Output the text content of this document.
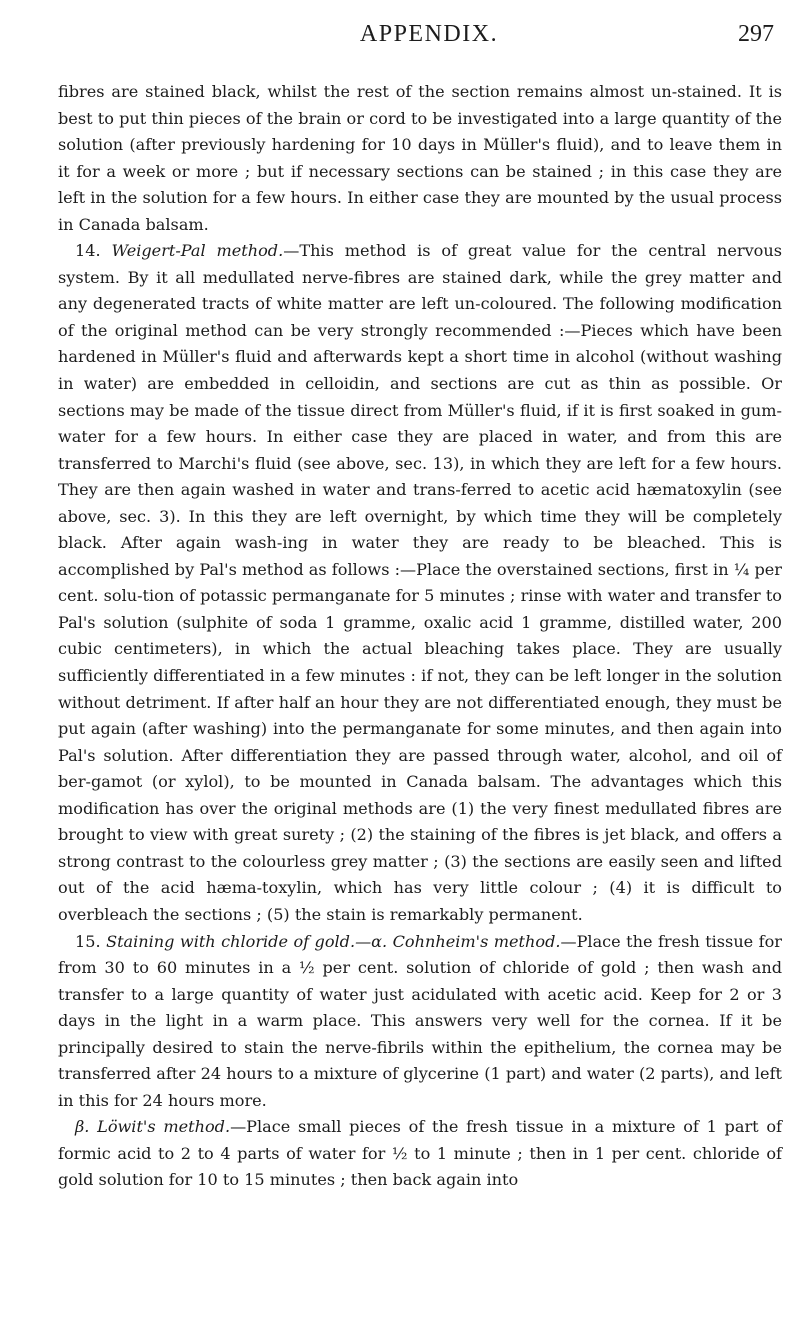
APPENDIX.	297

fibres are stained black, whilst the rest of the section remains almost un-stained. It is best to put thin pieces of the brain or cord to be investigated into a large quantity of the solution (after previously hardening for 10 days in Müller's fluid), and to leave them in it for a week or more ; but if necessary sections can be stained ; in this case they are left in the solution for a few hours. In either case they are mounted by the usual process in Canada balsam.

14. Weigert-Pal method.—This method is of great value for the central nervous system. By it all medullated nerve-fibres are stained dark, while the grey matter and any degenerated tracts of white matter are left un-coloured. The following modification of the original method can be very strongly recommended :—Pieces which have been hardened in Müller's fluid and afterwards kept a short time in alcohol (without washing in water) are embedded in celloidin, and sections are cut as thin as possible. Or sections may be made of the tissue direct from Müller's fluid, if it is first soaked in gum-water for a few hours. In either case they are placed in water, and from this are transferred to Marchi's fluid (see above, sec. 13), in which they are left for a few hours. They are then again washed in water and trans-ferred to acetic acid hæmatoxylin (see above, sec. 3). In this they are left overnight, by which time they will be completely black. After again wash-ing in water they are ready to be bleached. This is accomplished by Pal's method as follows :—Place the overstained sections, first in ¼ per cent. solu-tion of potassic permanganate for 5 minutes ; rinse with water and transfer to Pal's solution (sulphite of soda 1 gramme, oxalic acid 1 gramme, distilled water, 200 cubic centimeters), in which the actual bleaching takes place. They are usually sufficiently differentiated in a few minutes : if not, they can be left longer in the solution without detriment. If after half an hour they are not differentiated enough, they must be put again (after washing) into the permanganate for some minutes, and then again into Pal's solution. After differentiation they are passed through water, alcohol, and oil of ber-gamot (or xylol), to be mounted in Canada balsam. The advantages which this modification has over the original methods are (1) the very finest medullated fibres are brought to view with great surety ; (2) the staining of the fibres is jet black, and offers a strong contrast to the colourless grey matter ; (3) the sections are easily seen and lifted out of the acid hæma-toxylin, which has very little colour ; (4) it is difficult to overbleach the sections ; (5) the stain is remarkably permanent.

15. Staining with chloride of gold.—α. Cohnheim's method.—Place the fresh tissue for from 30 to 60 minutes in a ½ per cent. solution of chloride of gold ; then wash and transfer to a large quantity of water just acidulated with acetic acid. Keep for 2 or 3 days in the light in a warm place. This answers very well for the cornea. If it be principally desired to stain the nerve-fibrils within the epithelium, the cornea may be transferred after 24 hours to a mixture of glycerine (1 part) and water (2 parts), and left in this for 24 hours more.

β. Löwit's method.—Place small pieces of the fresh tissue in a mixture of 1 part of formic acid to 2 to 4 parts of water for ½ to 1 minute ; then in 1 per cent. chloride of gold solution for 10 to 15 minutes ; then back again into
